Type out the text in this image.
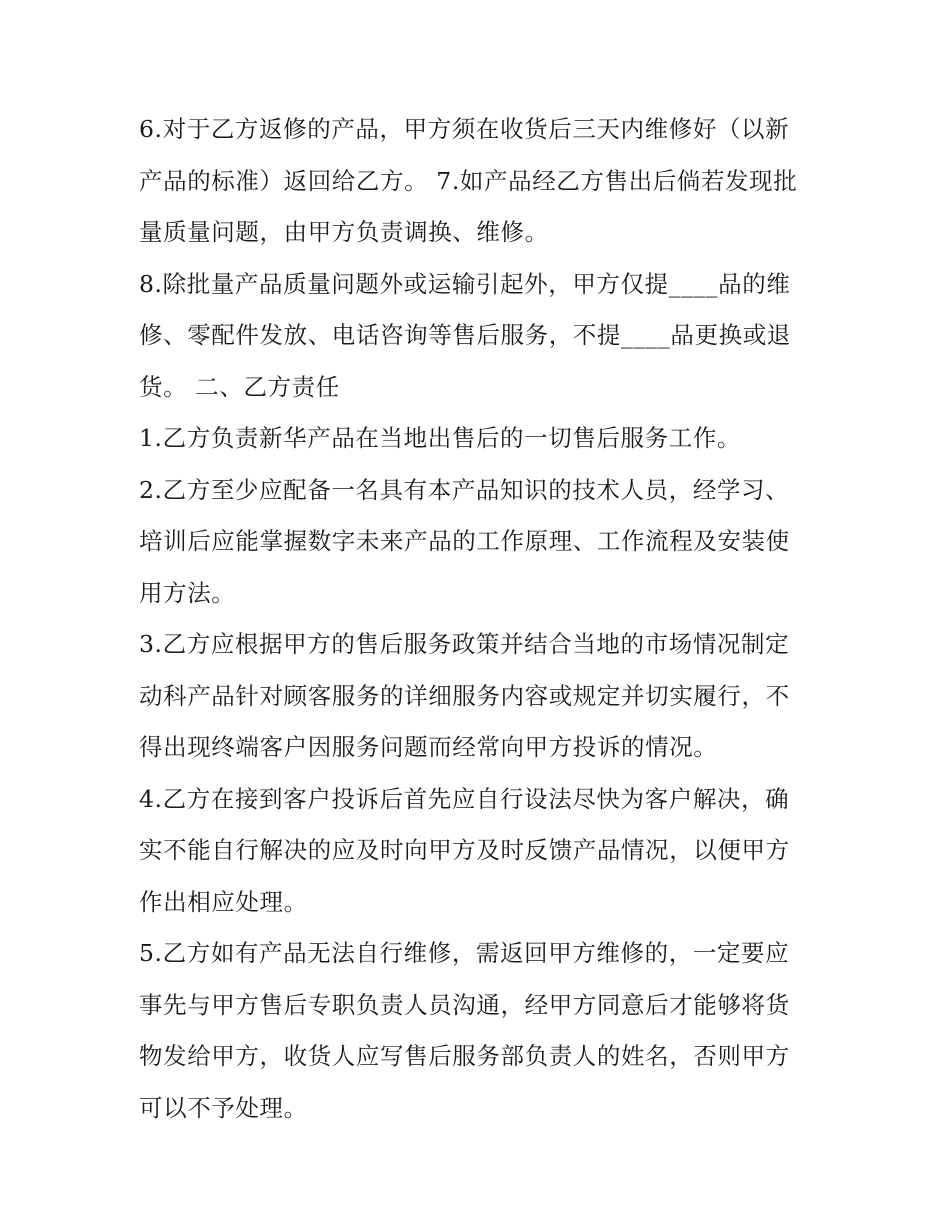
6.对于乙方返修的产品，甲方须在收货后三天内维修好（以新
产品的标准）返回给乙方。 7.如产品经乙方售出后倘若发现批
量质量问题，由甲方负责调换、维修。

8.除批量产品质量问题外或运输引起外，甲方仅提____品的维
修、零配件发放、电话咨询等售后服务，不提____品更换或退
货。 二、乙方责任

1.乙方负责新华产品在当地出售后的一切售后服务工作。

2.乙方至少应配备一名具有本产品知识的技术人员，经学习、
培训后应能掌握数字未来产品的工作原理、工作流程及安装使
用方法。

3.乙方应根据甲方的售后服务政策并结合当地的市场情况制定
动科产品针对顾客服务的详细服务内容或规定并切实履行，不
得出现终端客户因服务问题而经常向甲方投诉的情况。

4.乙方在接到客户投诉后首先应自行设法尽快为客户解决，确
实不能自行解决的应及时向甲方及时反馈产品情况，以便甲方
作出相应处理。

5.乙方如有产品无法自行维修，需返回甲方维修的，一定要应
事先与甲方售后专职负责人员沟通，经甲方同意后才能够将货
物发给甲方，收货人应写售后服务部负责人的姓名，否则甲方
可以不予处理。
